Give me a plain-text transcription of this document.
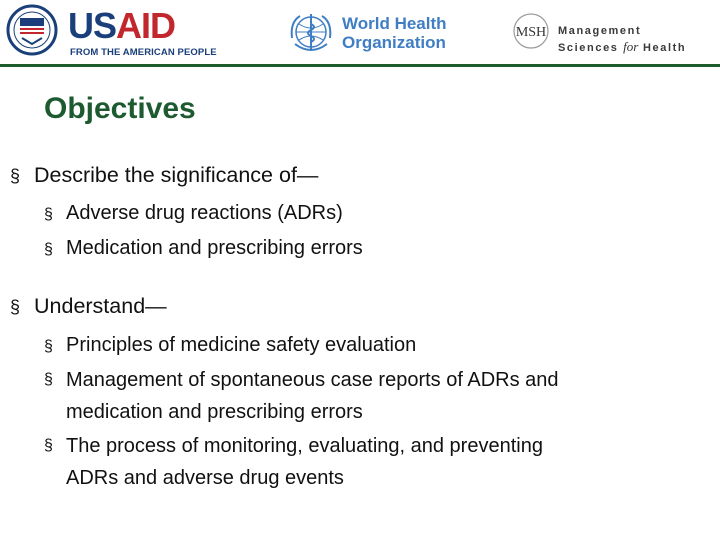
USAID
FROM THE AMERICAN PEOPLE
World Health
Organization
MSH Management
Sciences for Health
Objectives
§ Describe the significance of—
§ Adverse drug reactions (ADRs)
§ Medication and prescribing errors
§ Understand—
§ Principles of medicine safety evaluation
§ Management of spontaneous case reports of ADRs and medication and prescribing errors
§ The process of monitoring, evaluating, and preventing ADRs and adverse drug events
